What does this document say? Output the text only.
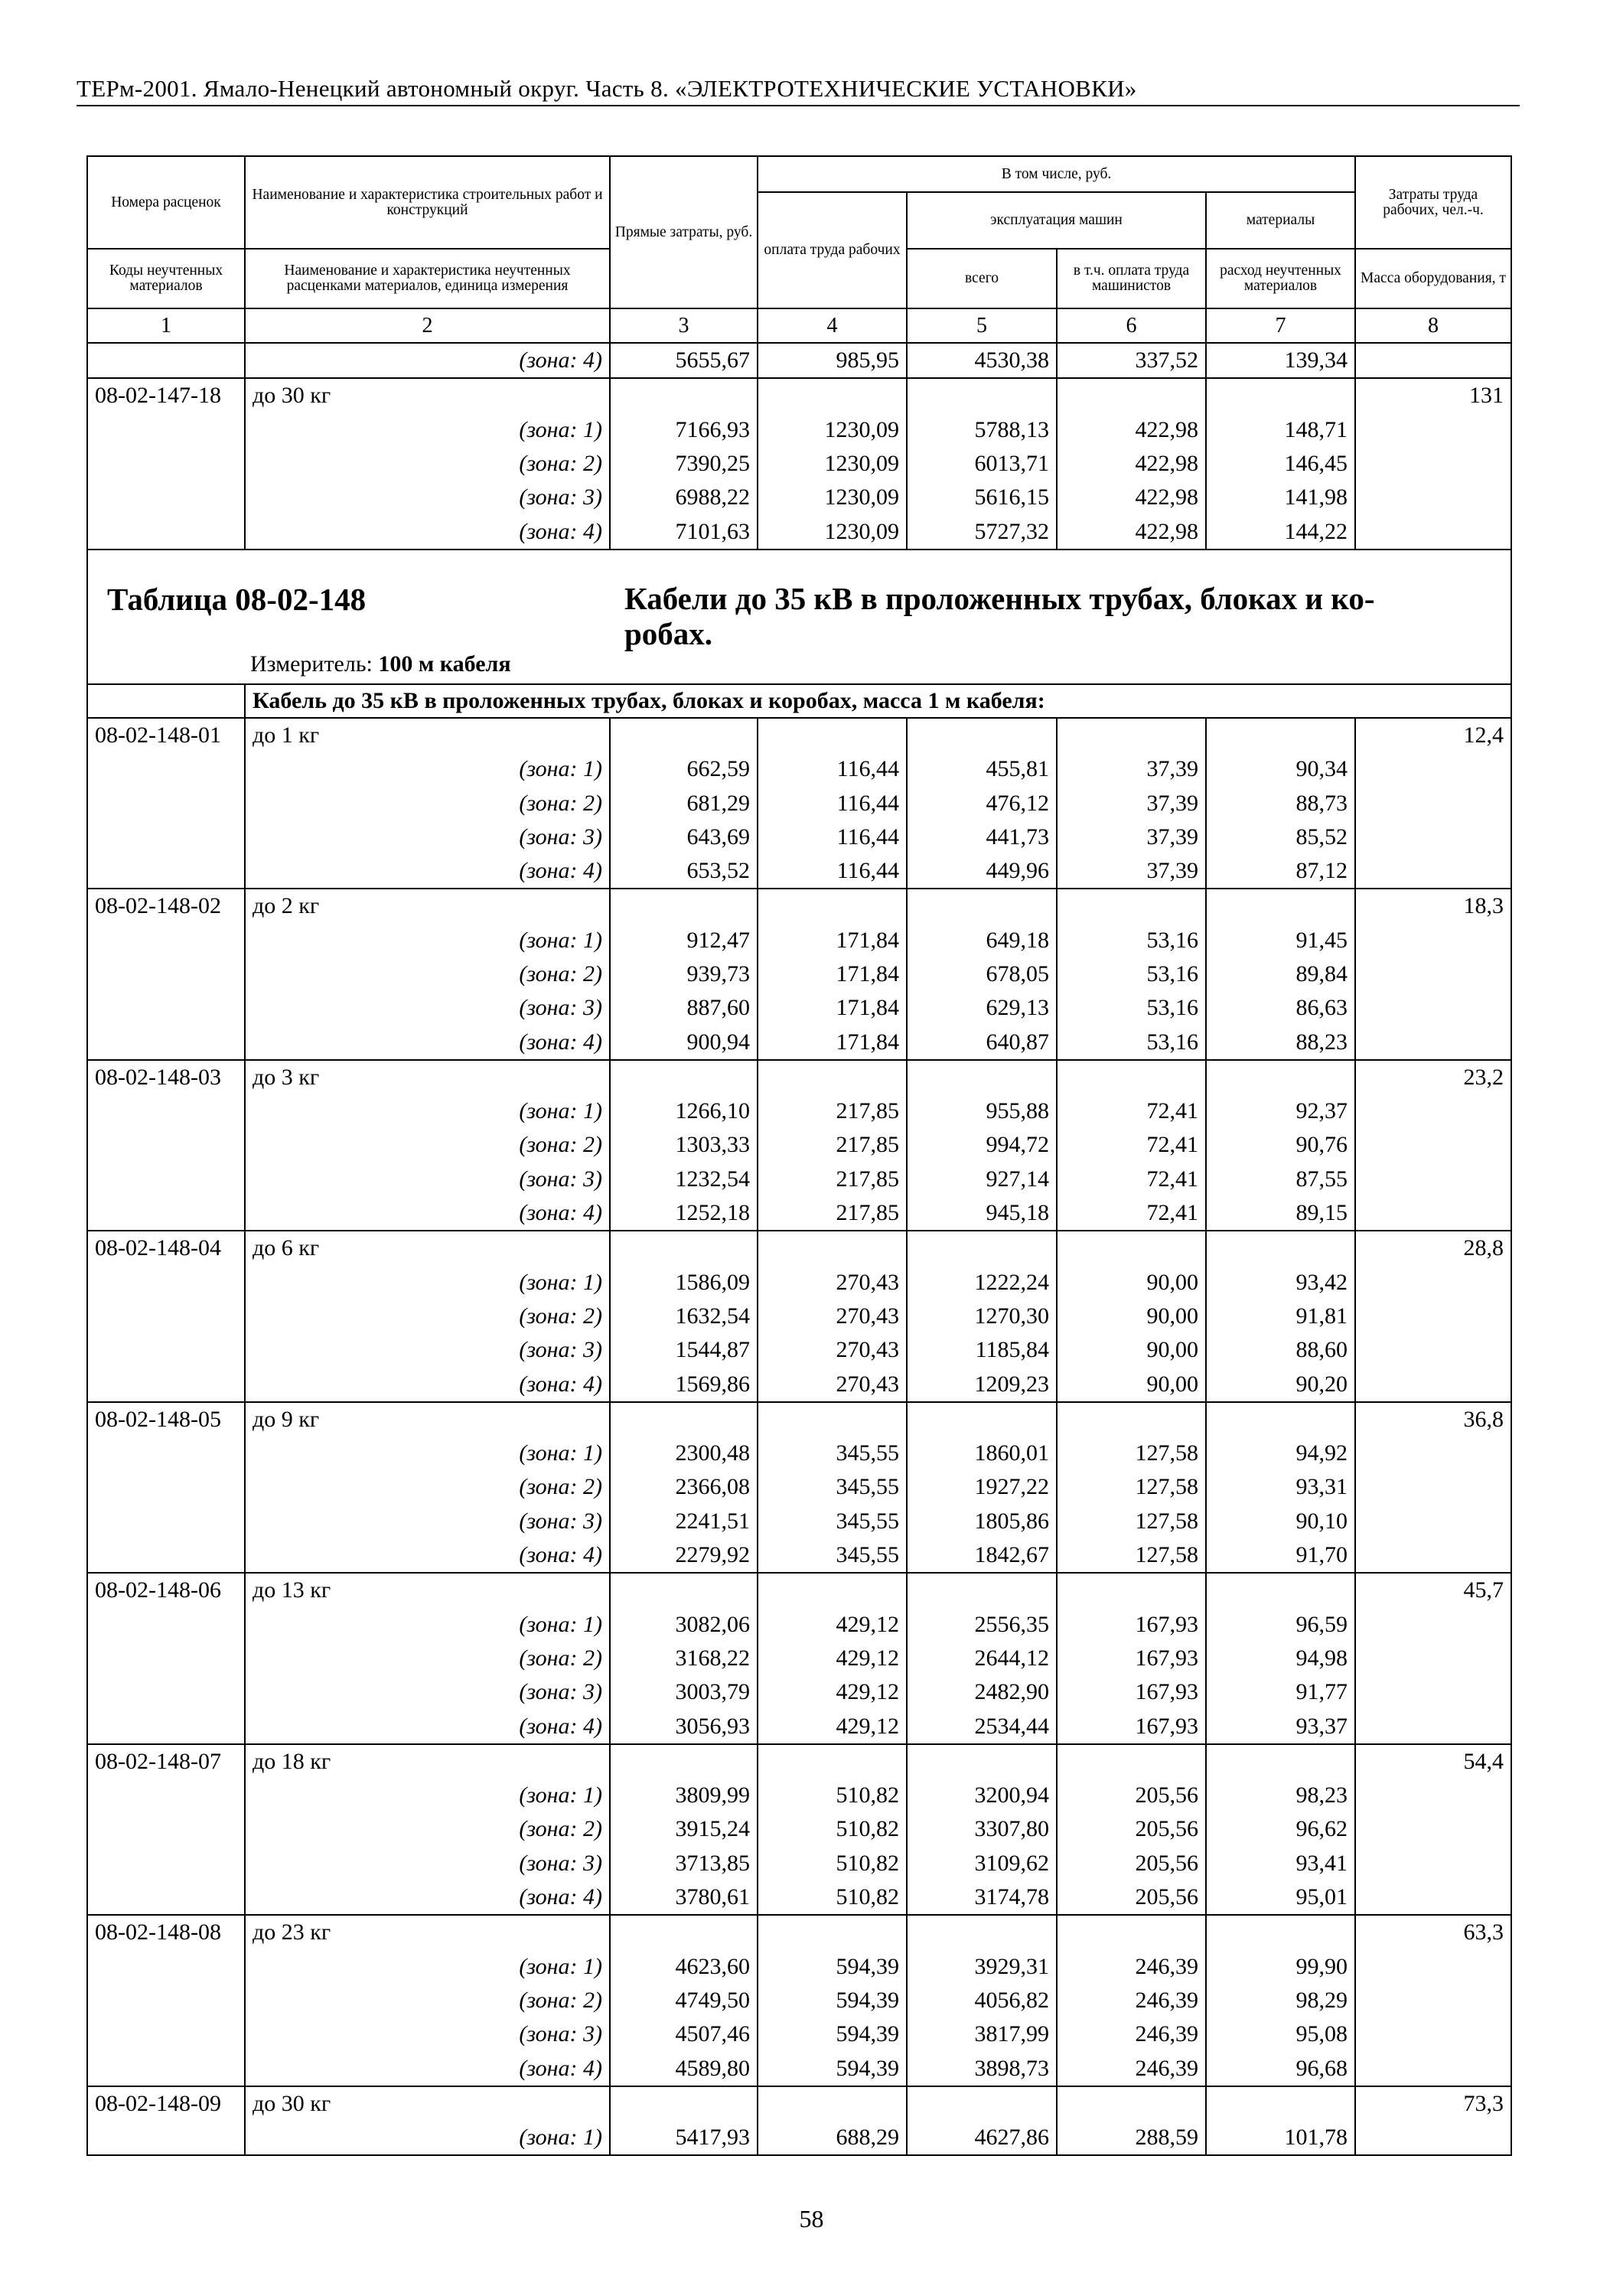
ТЕРм-2001. Ямало-Ненецкий автономный округ. Часть 8. «ЭЛЕКТРОТЕХНИЧЕСКИЕ УСТАНОВКИ»
Номера расценок	Наименование и характеристика строительных работ и конструкций	Прямые затраты, руб.	В том числе, руб.				Затраты труда рабочих, чел.-ч.
			оплата труда рабочих	эксплуатация машин		материалы	
Коды неучтенных материалов	Наименование и характеристика неучтенных расценками материалов, единица измерения			всего	в т.ч. оплата труда машинистов	расход неучтенных материалов	Масса оборудования, т
1	2	3	4	5	6	7	8
	(зона: 4)	5655,67	985,95	4530,38	337,52	139,34	
08-02-147-18	до 30 кг						131
	(зона: 1)	7166,93	1230,09	5788,13	422,98	148,71	
	(зона: 2)	7390,25	1230,09	6013,71	422,98	146,45	
	(зона: 3)	6988,22	1230,09	5616,15	422,98	141,98	
	(зона: 4)	7101,63	1230,09	5727,32	422,98	144,22	

Таблица 08-02-148 Кабели до 35 кВ в проложенных трубах, блоках и ко-робах.
Измеритель: 100 м кабеля							

	Кабель до 35 кВ в проложенных трубах, блоках и коробах, масса 1 м кабеля:						
08-02-148-01	до 1 кг						12,4
	(зона: 1)	662,59	116,44	455,81	37,39	90,34	
	(зона: 2)	681,29	116,44	476,12	37,39	88,73	
	(зона: 3)	643,69	116,44	441,73	37,39	85,52	
	(зона: 4)	653,52	116,44	449,96	37,39	87,12	
08-02-148-02	до 2 кг						18,3
	(зона: 1)	912,47	171,84	649,18	53,16	91,45	
	(зона: 2)	939,73	171,84	678,05	53,16	89,84	
	(зона: 3)	887,60	171,84	629,13	53,16	86,63	
	(зона: 4)	900,94	171,84	640,87	53,16	88,23	
08-02-148-03	до 3 кг						23,2
	(зона: 1)	1266,10	217,85	955,88	72,41	92,37	
	(зона: 2)	1303,33	217,85	994,72	72,41	90,76	
	(зона: 3)	1232,54	217,85	927,14	72,41	87,55	
	(зона: 4)	1252,18	217,85	945,18	72,41	89,15	
08-02-148-04	до 6 кг						28,8
	(зона: 1)	1586,09	270,43	1222,24	90,00	93,42	
	(зона: 2)	1632,54	270,43	1270,30	90,00	91,81	
	(зона: 3)	1544,87	270,43	1185,84	90,00	88,60	
	(зона: 4)	1569,86	270,43	1209,23	90,00	90,20	
08-02-148-05	до 9 кг						36,8
	(зона: 1)	2300,48	345,55	1860,01	127,58	94,92	
	(зона: 2)	2366,08	345,55	1927,22	127,58	93,31	
	(зона: 3)	2241,51	345,55	1805,86	127,58	90,10	
	(зона: 4)	2279,92	345,55	1842,67	127,58	91,70	
08-02-148-06	до 13 кг						45,7
	(зона: 1)	3082,06	429,12	2556,35	167,93	96,59	
	(зона: 2)	3168,22	429,12	2644,12	167,93	94,98	
	(зона: 3)	3003,79	429,12	2482,90	167,93	91,77	
	(зона: 4)	3056,93	429,12	2534,44	167,93	93,37	
08-02-148-07	до 18 кг						54,4
	(зона: 1)	3809,99	510,82	3200,94	205,56	98,23	
	(зона: 2)	3915,24	510,82	3307,80	205,56	96,62	
	(зона: 3)	3713,85	510,82	3109,62	205,56	93,41	
	(зона: 4)	3780,61	510,82	3174,78	205,56	95,01	
08-02-148-08	до 23 кг						63,3
	(зона: 1)	4623,60	594,39	3929,31	246,39	99,90	
	(зона: 2)	4749,50	594,39	4056,82	246,39	98,29	
	(зона: 3)	4507,46	594,39	3817,99	246,39	95,08	
	(зона: 4)	4589,80	594,39	3898,73	246,39	96,68	
08-02-148-09	до 30 кг						73,3
	(зона: 1)	5417,93	688,29	4627,86	288,59	101,78	
58
